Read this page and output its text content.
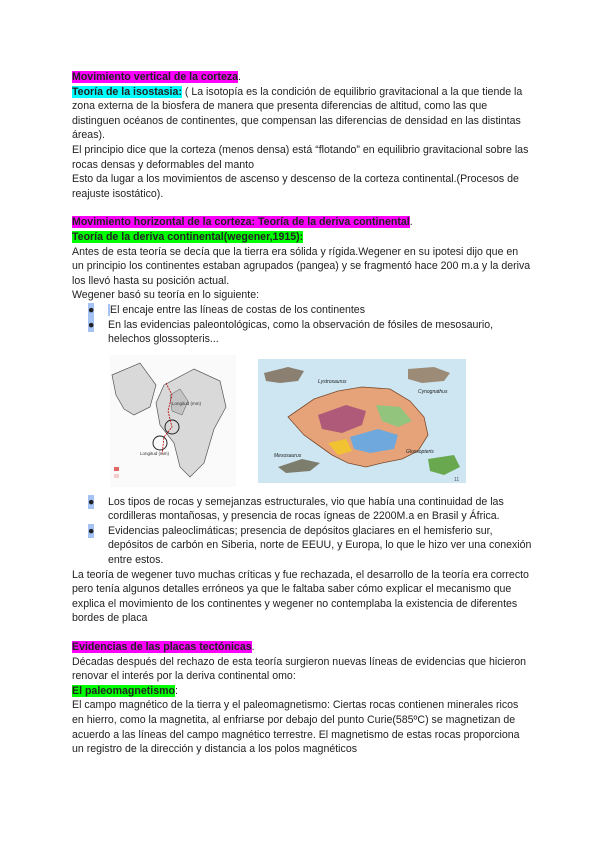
Movimiento vertical de la corteza.

Teoría de la isostasia: ( La isotopía es la condición de equilibrio gravitacional a la que tiende la zona externa de la biosfera de manera que presenta diferencias de altitud, como las que distinguen océanos de continentes, que compensan las diferencias de densidad en las distintas áreas).

El principio dice que la corteza (menos densa) está “flotando” en equilibrio gravitacional sobre las rocas densas y deformables del manto

Esto da lugar a los movimientos de ascenso y descenso de la corteza continental.(Procesos de reajuste isostático).

Movimiento horizontal de la corteza: Teoría de la deriva continental.

Teoría de la deriva continental(wegener,1915):

Antes de esta teoría se decía que la tierra era sólida y rígida.Wegener en su ipotesi dijo que en un principio los continentes estaban agrupados (pangea) y se fragmentó hace 200 m.a y la deriva los llevó hasta su posición actual.

Wegener basó su teoría en lo siguiente:

● El encaje entre las líneas de costas de los continentes
● En las evidencias paleontológicas, como la observación de fósiles de mesosaurio, helechos glossopteris...
Longitud (mm)
Longitud (mm)
Lystrosaurus
Cynognathus
Mesosaurus
Glossopteris
11
● Los tipos de rocas y semejanzas estructurales, vio que había una continuidad de las cordilleras montañosas, y presencia de rocas ígneas de 2200M.a en Brasil y África.
● Evidencias paleoclimáticas; presencia de depósitos glaciares en el hemisferio sur, depósitos de carbón en Siberia, norte de EEUU, y Europa, lo que le hizo ver una conexión entre estos.

La teoría de wegener tuvo muchas críticas y fue rechazada, el desarrollo de la teoría era correcto pero tenía algunos detalles erróneos ya que le faltaba saber cómo explicar el mecanismo que explica el movimiento de los continentes y wegener no contemplaba la existencia de diferentes bordes de placa

Evidencias de las placas tectónicas.

Décadas después del rechazo de esta teoría surgieron nuevas líneas de evidencias que hicieron renovar el interés por la deriva continental omo:

El paleomagnetismo:

El campo magnético de la tierra y el paleomagnetismo: Ciertas rocas contienen minerales ricos en hierro, como la magnetita, al enfriarse por debajo del punto Curie(585ºC) se magnetizan de acuerdo a las líneas del campo magnético terrestre. El magnetismo de estas rocas proporciona un registro de la dirección y distancia a los polos magnéticos
